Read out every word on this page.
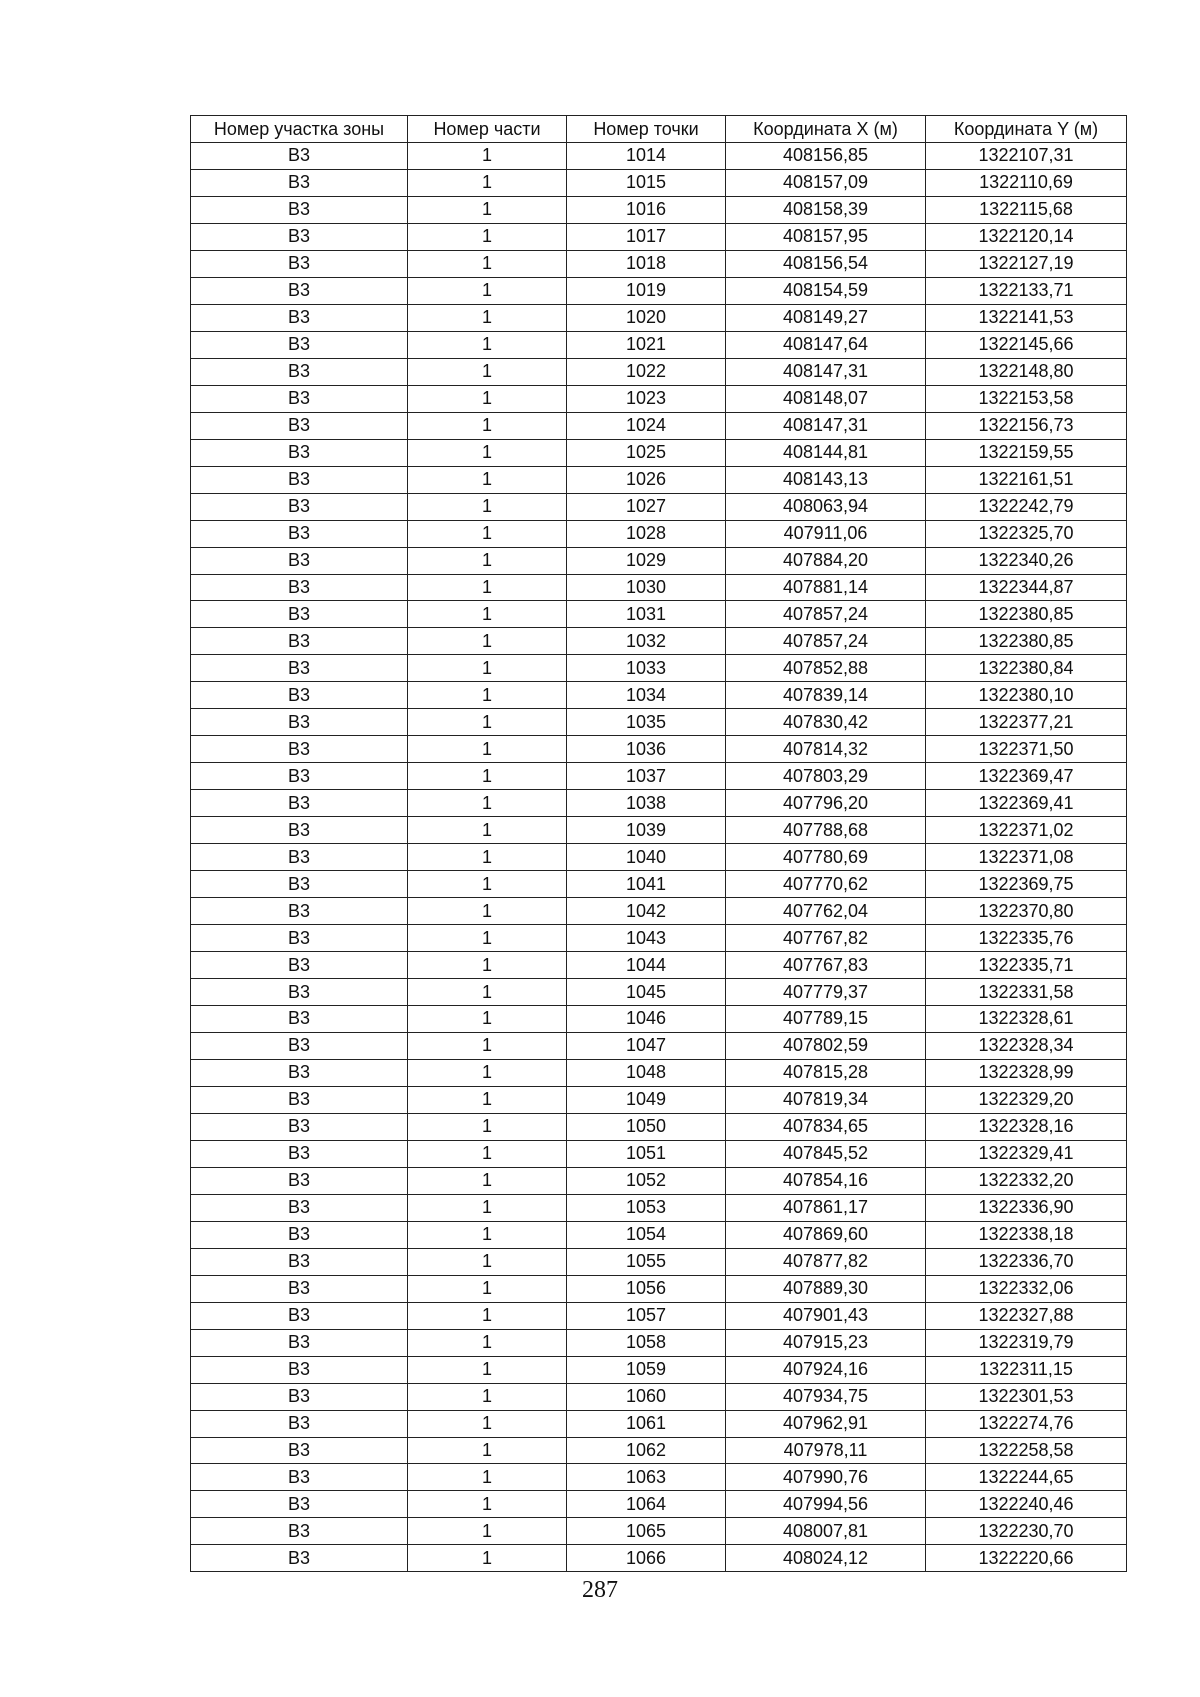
Номер участка зоны	Номер части	Номер точки	Координата X (м)	Координата Y (м)
В3	1	1014	408156,85	1322107,31
В3	1	1015	408157,09	1322110,69
В3	1	1016	408158,39	1322115,68
В3	1	1017	408157,95	1322120,14
В3	1	1018	408156,54	1322127,19
В3	1	1019	408154,59	1322133,71
В3	1	1020	408149,27	1322141,53
В3	1	1021	408147,64	1322145,66
В3	1	1022	408147,31	1322148,80
В3	1	1023	408148,07	1322153,58
В3	1	1024	408147,31	1322156,73
В3	1	1025	408144,81	1322159,55
В3	1	1026	408143,13	1322161,51
В3	1	1027	408063,94	1322242,79
В3	1	1028	407911,06	1322325,70
В3	1	1029	407884,20	1322340,26
В3	1	1030	407881,14	1322344,87
В3	1	1031	407857,24	1322380,85
В3	1	1032	407857,24	1322380,85
В3	1	1033	407852,88	1322380,84
В3	1	1034	407839,14	1322380,10
В3	1	1035	407830,42	1322377,21
В3	1	1036	407814,32	1322371,50
В3	1	1037	407803,29	1322369,47
В3	1	1038	407796,20	1322369,41
В3	1	1039	407788,68	1322371,02
В3	1	1040	407780,69	1322371,08
В3	1	1041	407770,62	1322369,75
В3	1	1042	407762,04	1322370,80
В3	1	1043	407767,82	1322335,76
В3	1	1044	407767,83	1322335,71
В3	1	1045	407779,37	1322331,58
В3	1	1046	407789,15	1322328,61
В3	1	1047	407802,59	1322328,34
В3	1	1048	407815,28	1322328,99
В3	1	1049	407819,34	1322329,20
В3	1	1050	407834,65	1322328,16
В3	1	1051	407845,52	1322329,41
В3	1	1052	407854,16	1322332,20
В3	1	1053	407861,17	1322336,90
В3	1	1054	407869,60	1322338,18
В3	1	1055	407877,82	1322336,70
В3	1	1056	407889,30	1322332,06
В3	1	1057	407901,43	1322327,88
В3	1	1058	407915,23	1322319,79
В3	1	1059	407924,16	1322311,15
В3	1	1060	407934,75	1322301,53
В3	1	1061	407962,91	1322274,76
В3	1	1062	407978,11	1322258,58
В3	1	1063	407990,76	1322244,65
В3	1	1064	407994,56	1322240,46
В3	1	1065	408007,81	1322230,70
В3	1	1066	408024,12	1322220,66
287
